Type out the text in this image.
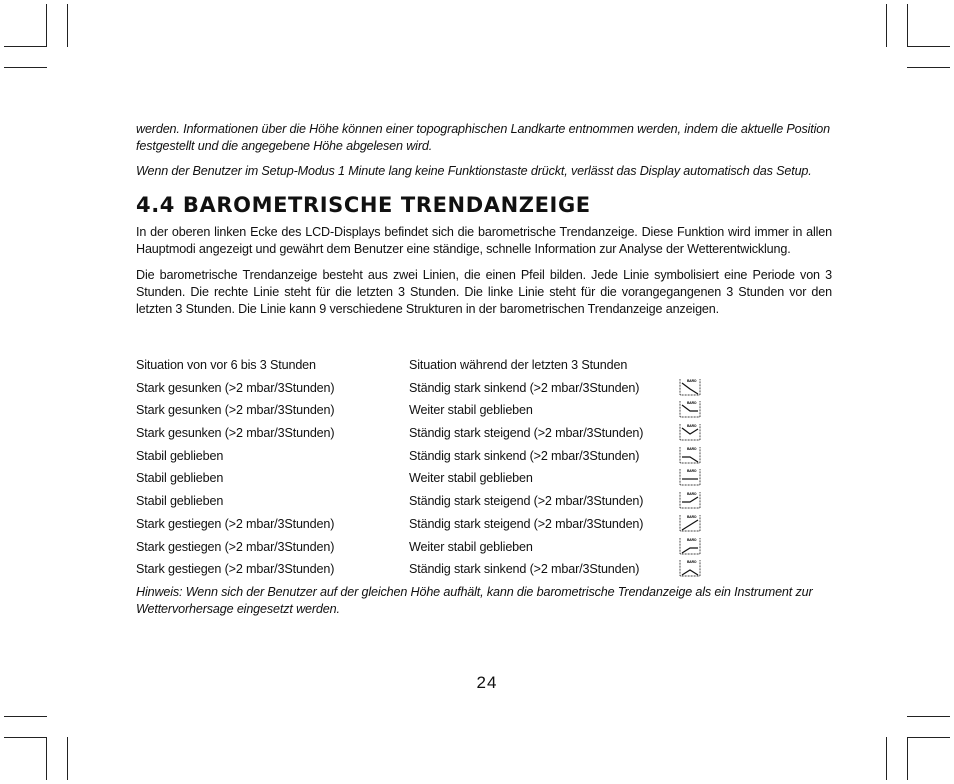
werden. Informationen über die Höhe können einer topographischen Landkarte entnommen werden, indem die aktuelle Position festgestellt und die angegebene Höhe abgelesen wird.

Wenn der Benutzer im Setup-Modus 1 Minute lang keine Funktionstaste drückt, verlässt das Display automatisch das Setup.

4.4 BAROMETRISCHE TRENDANZEIGE

In der oberen linken Ecke des LCD-Displays befindet sich die barometrische Trendanzeige. Diese Funktion wird immer in allen Hauptmodi angezeigt und gewährt dem Benutzer eine ständige, schnelle Information zur Analyse der Wetterentwicklung.

Die barometrische Trendanzeige besteht aus zwei Linien, die einen Pfeil bilden. Jede Linie symbolisiert eine Periode von 3 Stunden. Die rechte Linie steht für die letzten 3 Stunden. Die linke Linie steht für die vorangegangenen 3 Stunden vor den letzten 3 Stunden. Die Linie kann 9 verschiedene Strukturen in der barometrischen Trendanzeige anzeigen.

Situation von vor 6 bis 3 Stunden	Situation während der letzten 3 Stunden
Stark gesunken (>2 mbar/3Stunden)	Ständig stark sinkend (>2 mbar/3Stunden)	BARO
Stark gesunken (>2 mbar/3Stunden)	Weiter stabil geblieben	BARO
Stark gesunken (>2 mbar/3Stunden)	Ständig stark steigend (>2 mbar/3Stunden)	BARO
Stabil geblieben	Ständig stark sinkend (>2 mbar/3Stunden)	BARO
Stabil geblieben	Weiter stabil geblieben	BARO
Stabil geblieben	Ständig stark steigend (>2 mbar/3Stunden)	BARO
Stark gestiegen (>2 mbar/3Stunden)	Ständig stark steigend (>2 mbar/3Stunden)	BARO
Stark gestiegen (>2 mbar/3Stunden)	Weiter stabil geblieben	BARO
Stark gestiegen (>2 mbar/3Stunden)	Ständig stark sinkend (>2 mbar/3Stunden)	BARO

Hinweis: Wenn sich der Benutzer auf der gleichen Höhe aufhält, kann die barometrische Trendanzeige als ein Instrument zur Wettervorhersage eingesetzt werden.

24
